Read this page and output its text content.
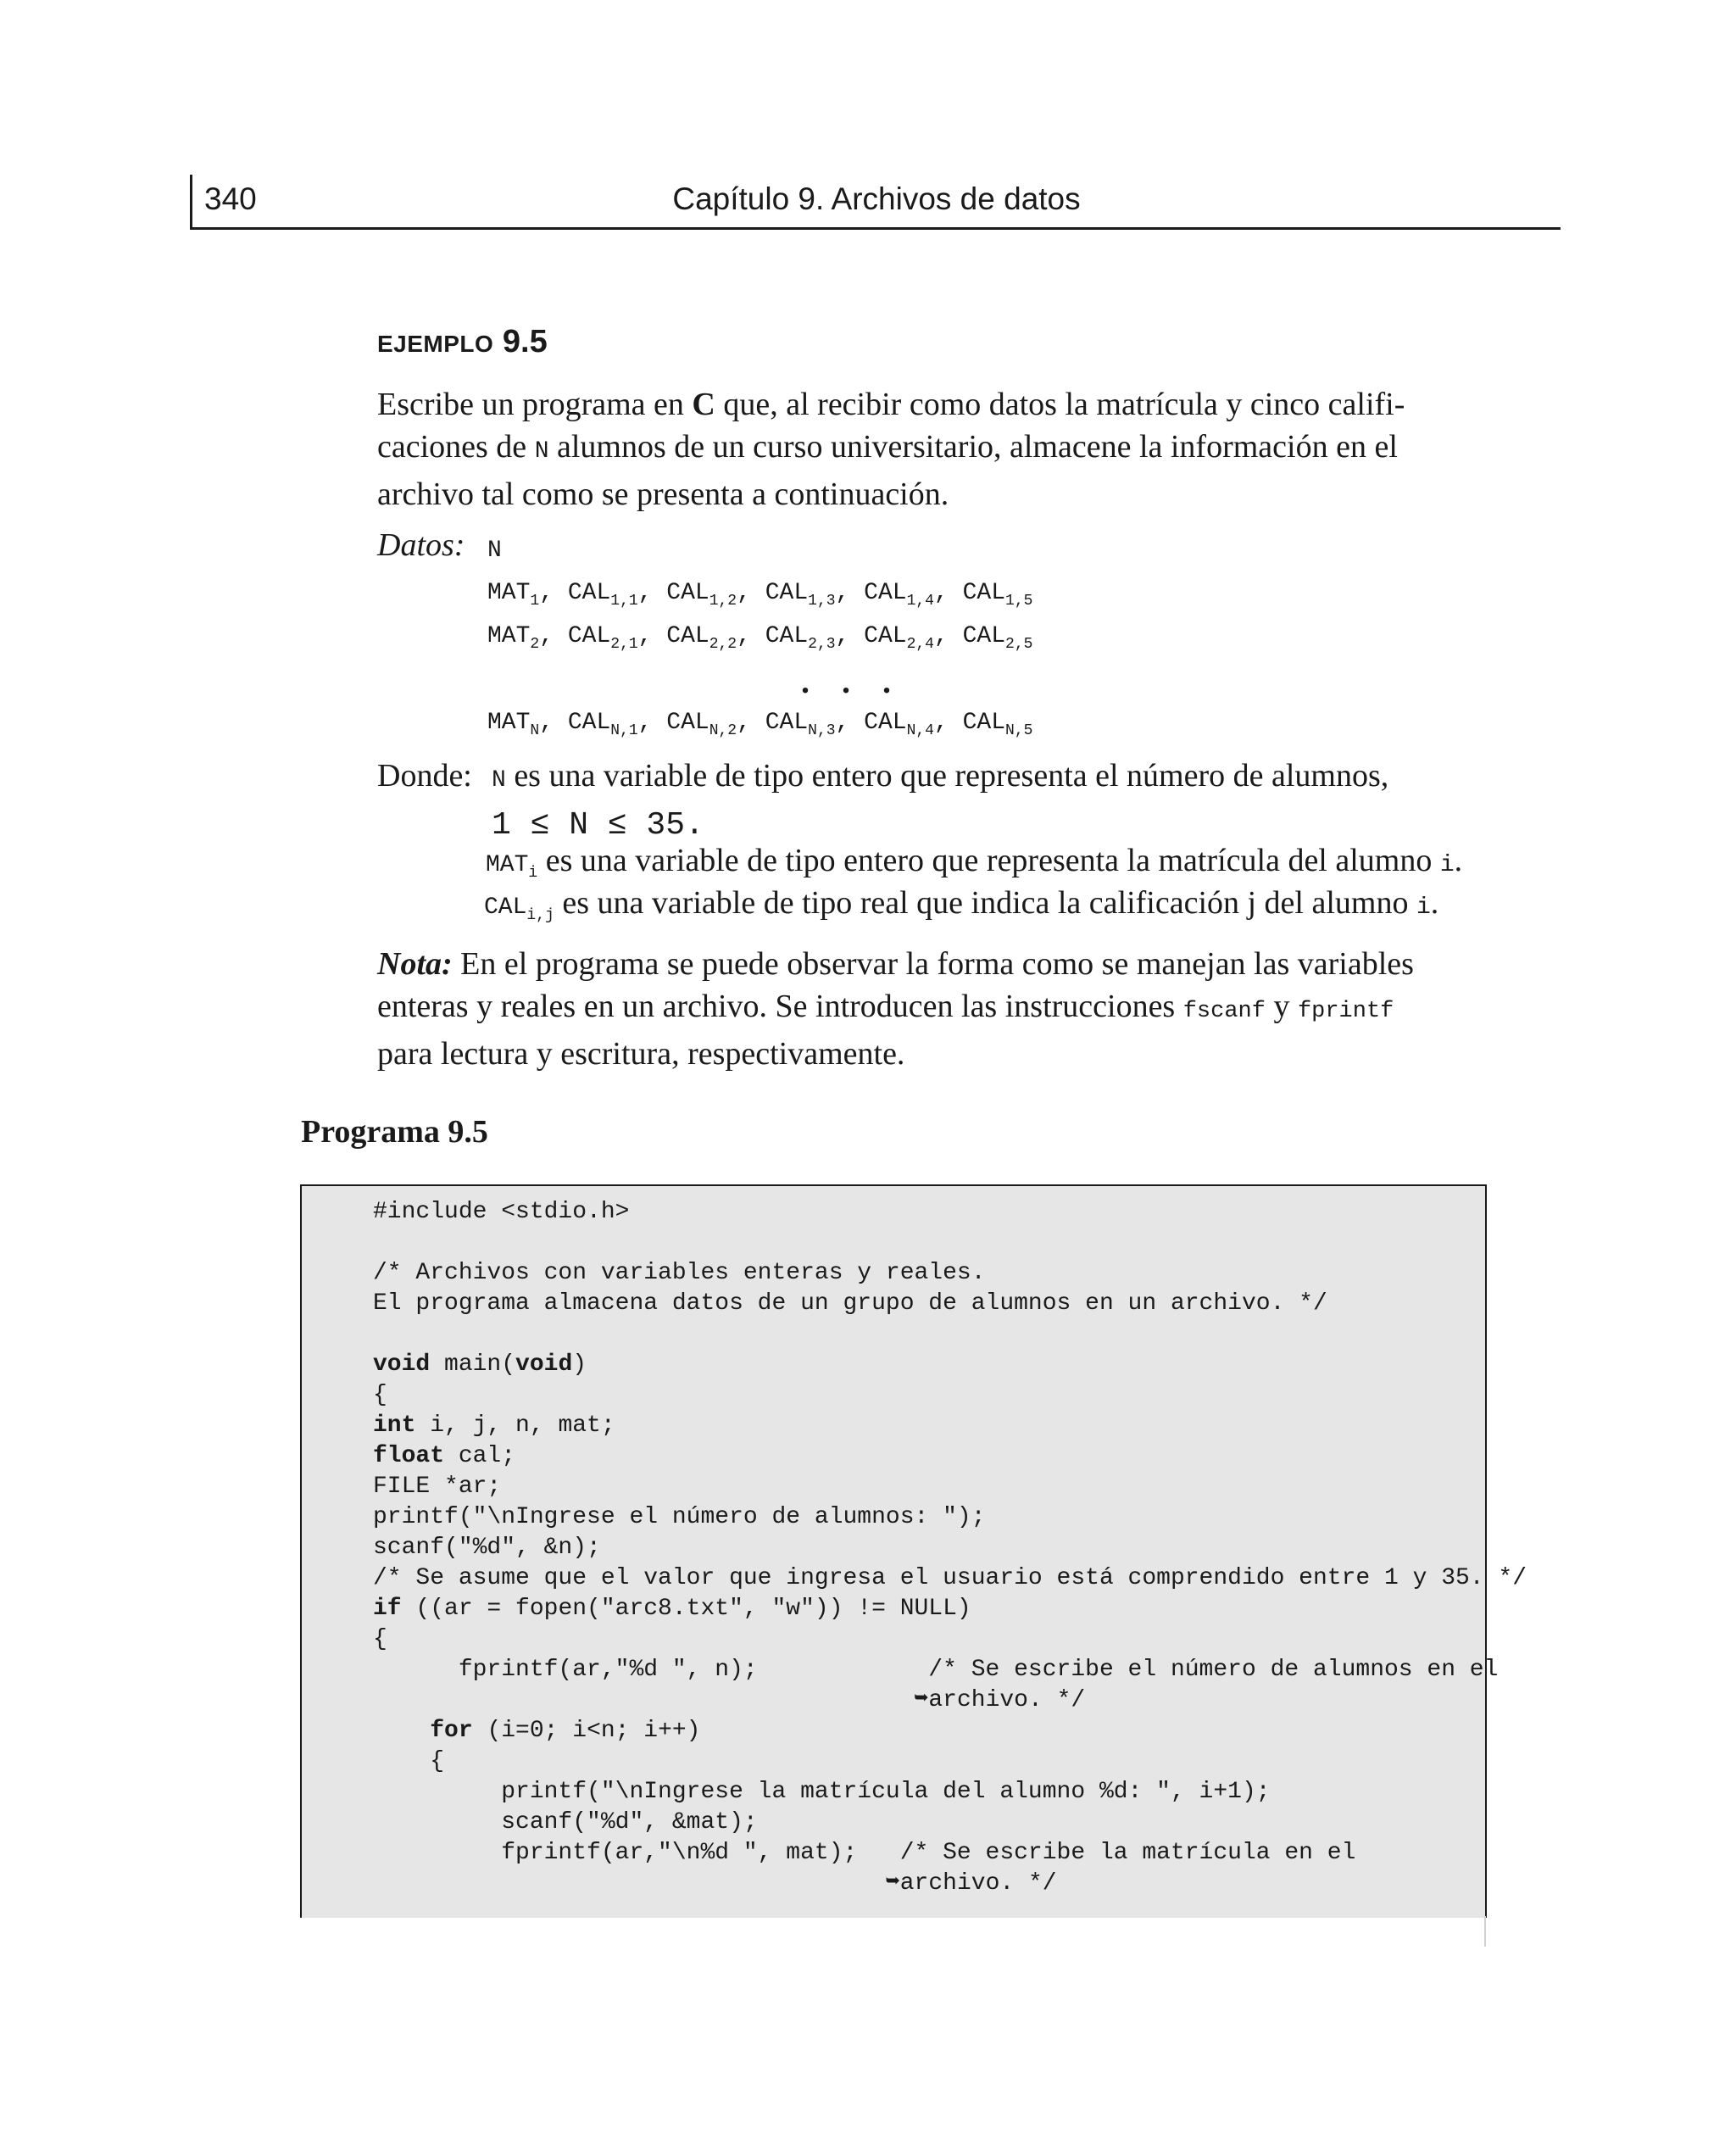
340	Capítulo 9. Archivos de datos
EJEMPLO 9.5
Escribe un programa en C que, al recibir como datos la matrícula y cinco califi-
caciones de N alumnos de un curso universitario, almacene la información en el
archivo tal como se presenta a continuación.
Datos: N
$MAT_1$, $CAL_{1,1}$, $CAL_{1,2}$, $CAL_{1,3}$, $CAL_{1,4}$, $CAL_{1,5}$
$MAT_2$, $CAL_{2,1}$, $CAL_{2,2}$, $CAL_{2,3}$, $CAL_{2,4}$, $CAL_{2,5}$
$MAT_N$, $CAL_{N,1}$, $CAL_{N,2}$, $CAL_{N,3}$, $CAL_{N,4}$, $CAL_{N,5}$
. . .
Donde: N es una variable de tipo entero que representa el número de alumnos,
1 ≤ N ≤ 35.
$MAT_i$ es una variable de tipo entero que representa la matrícula del alumno i.
$CAL_{i,j}$ es una variable de tipo real que indica la calificación j del alumno i.
Nota: En el programa se puede observar la forma como se manejan las variables
enteras y reales en un archivo. Se introducen las instrucciones fscanf y fprintf
para lectura y escritura, respectivamente.
Programa 9.5
#include <stdio.h>

/* Archivos con variables enteras y reales.
El programa almacena datos de un grupo de alumnos en un archivo. */

void main(void)
{
int i, j, n, mat;
float cal;
FILE *ar;
printf("\nIngrese el número de alumnos: ");
scanf("%d", &n);
/* Se asume que el valor que ingresa el usuario está comprendido entre 1 y 35. */
if ((ar = fopen("arc8.txt", "w")) != NULL)
{
fprintf(ar,"%d ", n);            /* Se escribe el número de alumnos en el
➥archivo. */
for (i=0; i<n; i++)
{
printf("\nIngrese la matrícula del alumno %d: ", i+1);
scanf("%d", &mat);
fprintf(ar,"\n%d ", mat);   /* Se escribe la matrícula en el
➥archivo. */
